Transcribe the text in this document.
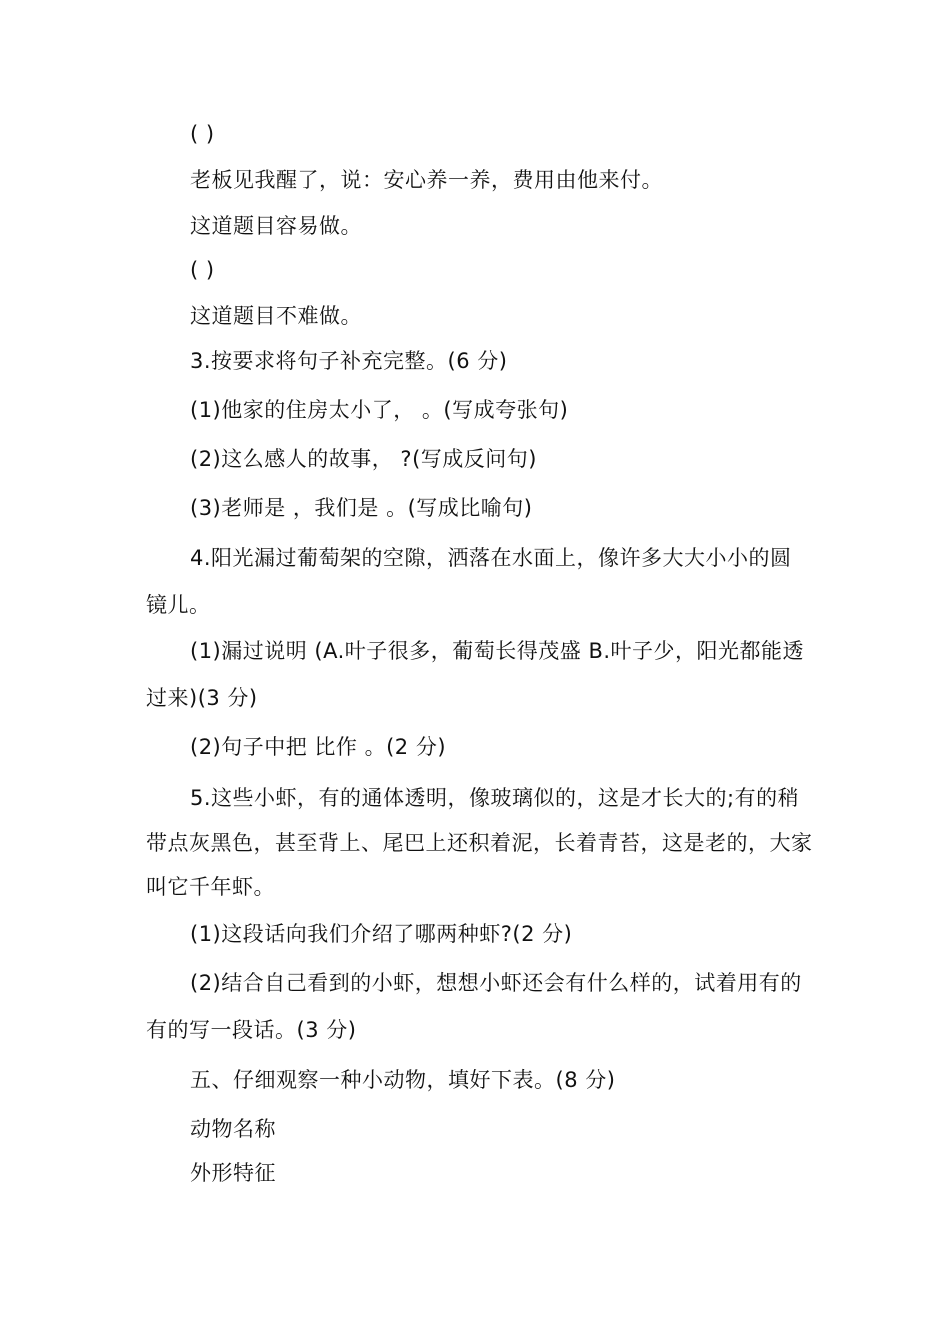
( )
老板见我醒了，说：安心养一养，费用由他来付。
这道题目容易做。
( )
这道题目不难做。
3.按要求将句子补充完整。(6 分)
(1)他家的住房太小了， 。(写成夸张句)
(2)这么感人的故事， ?(写成反问句)
(3)老师是 ，我们是 。(写成比喻句)
4.阳光漏过葡萄架的空隙，洒落在水面上，像许多大大小小的圆
镜儿。
(1)漏过说明 (A.叶子很多，葡萄长得茂盛 B.叶子少，阳光都能透
过来)(3 分)
(2)句子中把 比作 。(2 分)
5.这些小虾，有的通体透明，像玻璃似的，这是才长大的;有的稍
带点灰黑色，甚至背上、尾巴上还积着泥，长着青苔，这是老的，大家
叫它千年虾。
(1)这段话向我们介绍了哪两种虾?(2 分)
(2)结合自己看到的小虾，想想小虾还会有什么样的，试着用有的
有的写一段话。(3 分)
五、仔细观察一种小动物，填好下表。(8 分)
动物名称
外形特征
